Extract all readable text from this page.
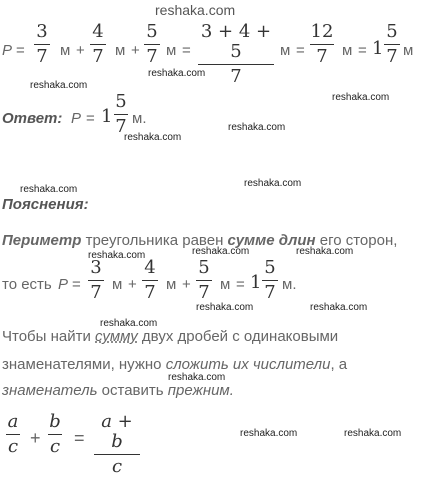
reshaka.com
P =
3
7 м +
4
7 м +
5
7 м =
3 + 4 + 5
7
м =
12
7 м = 1
5
7 м
reshaka.com
reshaka.com
reshaka.com
Ответ: P = 1
5
7 м.
reshaka.com
reshaka.com
reshaka.com
reshaka.com
Пояснения:
Периметр треугольника равен сумме длин его сторон,
reshaka.com	reshaka.com	reshaka.com
то есть P =
3
7 м +
4
7 м +
5
7 м = 1
5
7 м.
reshaka.com	reshaka.com
reshaka.com
Чтобы найти сумму двух дробей с одинаковыми
знаменателями, нужно сложить их числители, а
знаменатель оставить прежним.
reshaka.com
a
c +
b
c =
a + b
c
reshaka.com	reshaka.com
